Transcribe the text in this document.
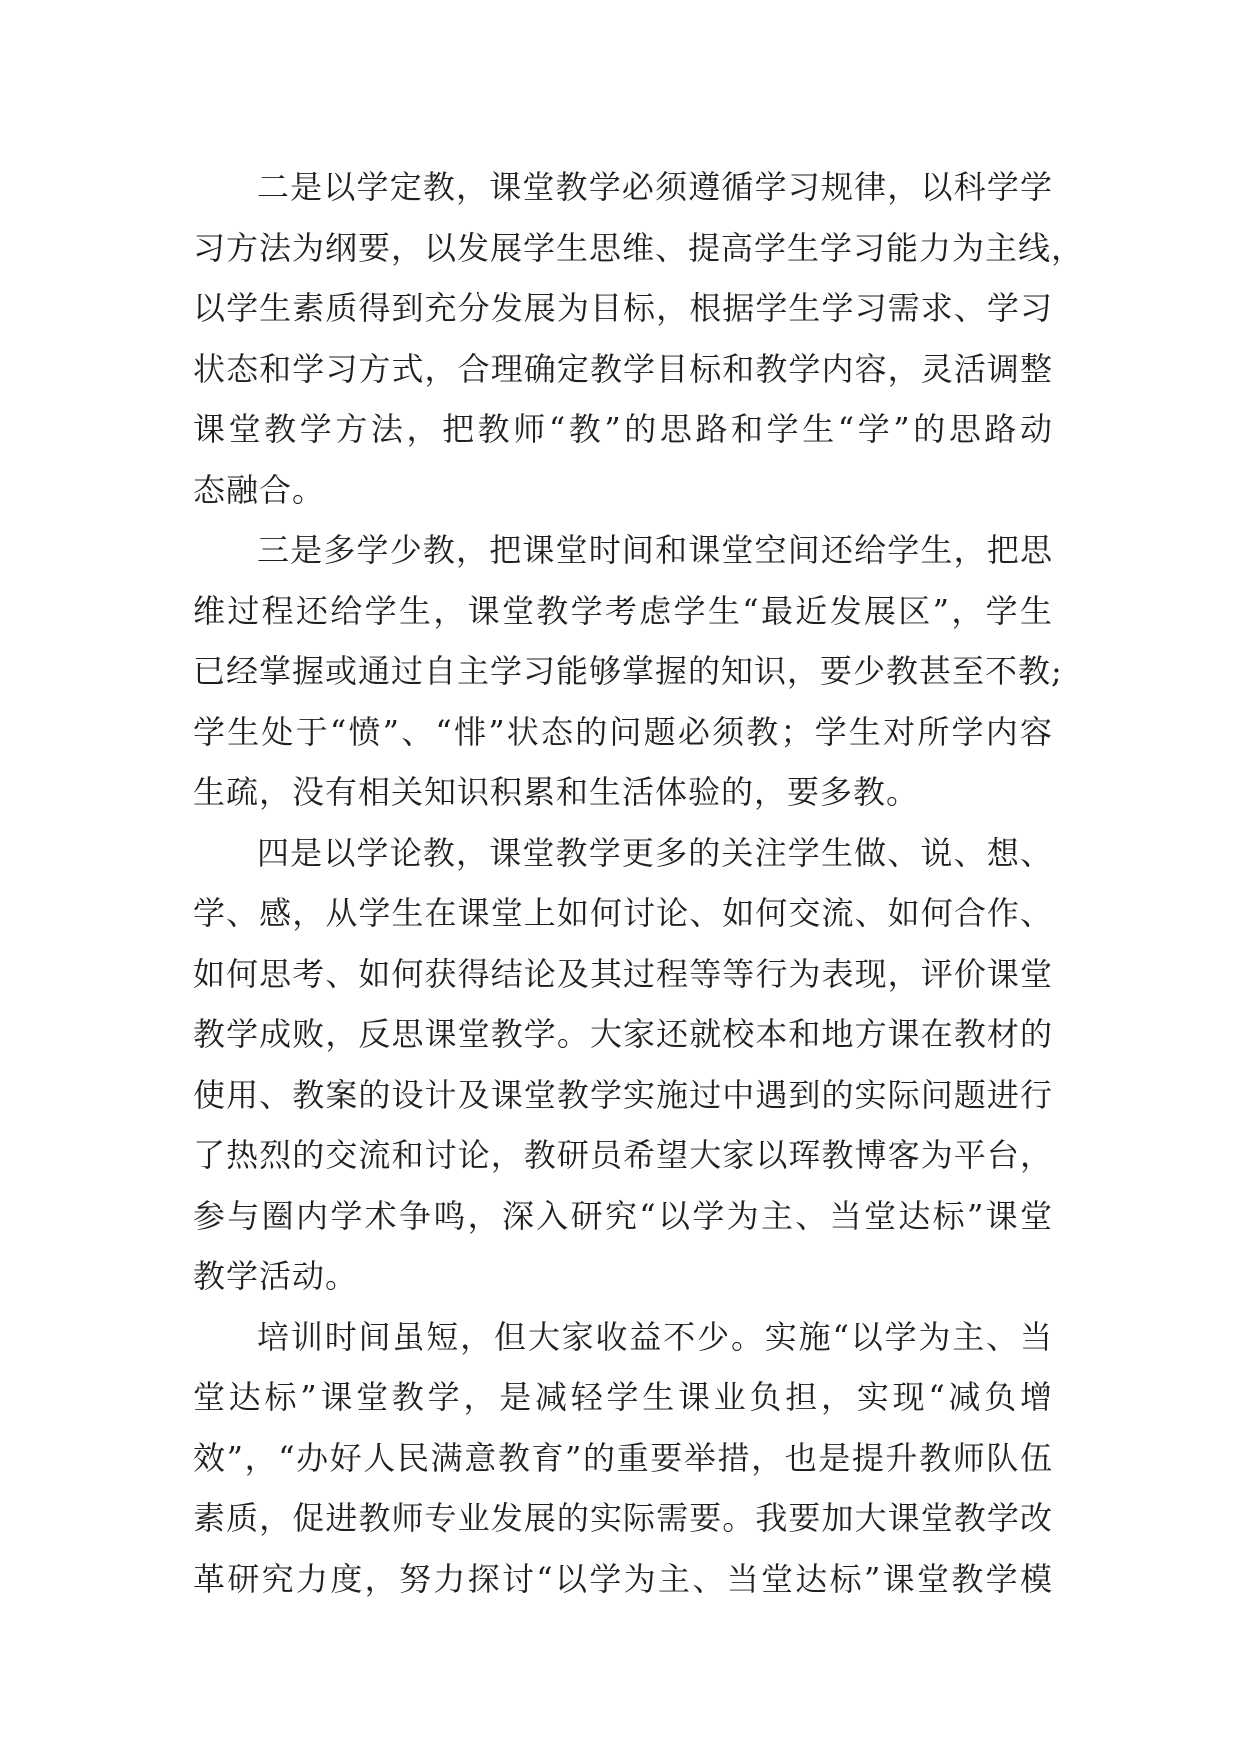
二是以学定教，课堂教学必须遵循学习规律，以科学学
习方法为纲要，以发展学生思维、提高学生学习能力为主线，
以学生素质得到充分发展为目标，根据学生学习需求、学习
状态和学习方式，合理确定教学目标和教学内容，灵活调整
课堂教学方法，把教师“教”的思路和学生“学”的思路动
态融合。
三是多学少教，把课堂时间和课堂空间还给学生，把思
维过程还给学生，课堂教学考虑学生“最近发展区”，学生
已经掌握或通过自主学习能够掌握的知识，要少教甚至不教;
学生处于“愤”、“悱”状态的问题必须教；学生对所学内容
生疏，没有相关知识积累和生活体验的，要多教。
四是以学论教，课堂教学更多的关注学生做、说、想、
学、感，从学生在课堂上如何讨论、如何交流、如何合作、
如何思考、如何获得结论及其过程等等行为表现，评价课堂
教学成败，反思课堂教学。大家还就校本和地方课在教材的
使用、教案的设计及课堂教学实施过中遇到的实际问题进行
了热烈的交流和讨论，教研员希望大家以珲教博客为平台，
参与圈内学术争鸣，深入研究“以学为主、当堂达标”课堂
教学活动。
培训时间虽短，但大家收益不少。实施“以学为主、当
堂达标”课堂教学，是减轻学生课业负担，实现“减负增
效”，“办好人民满意教育”的重要举措，也是提升教师队伍
素质，促进教师专业发展的实际需要。我要加大课堂教学改
革研究力度，努力探讨“以学为主、当堂达标”课堂教学模
